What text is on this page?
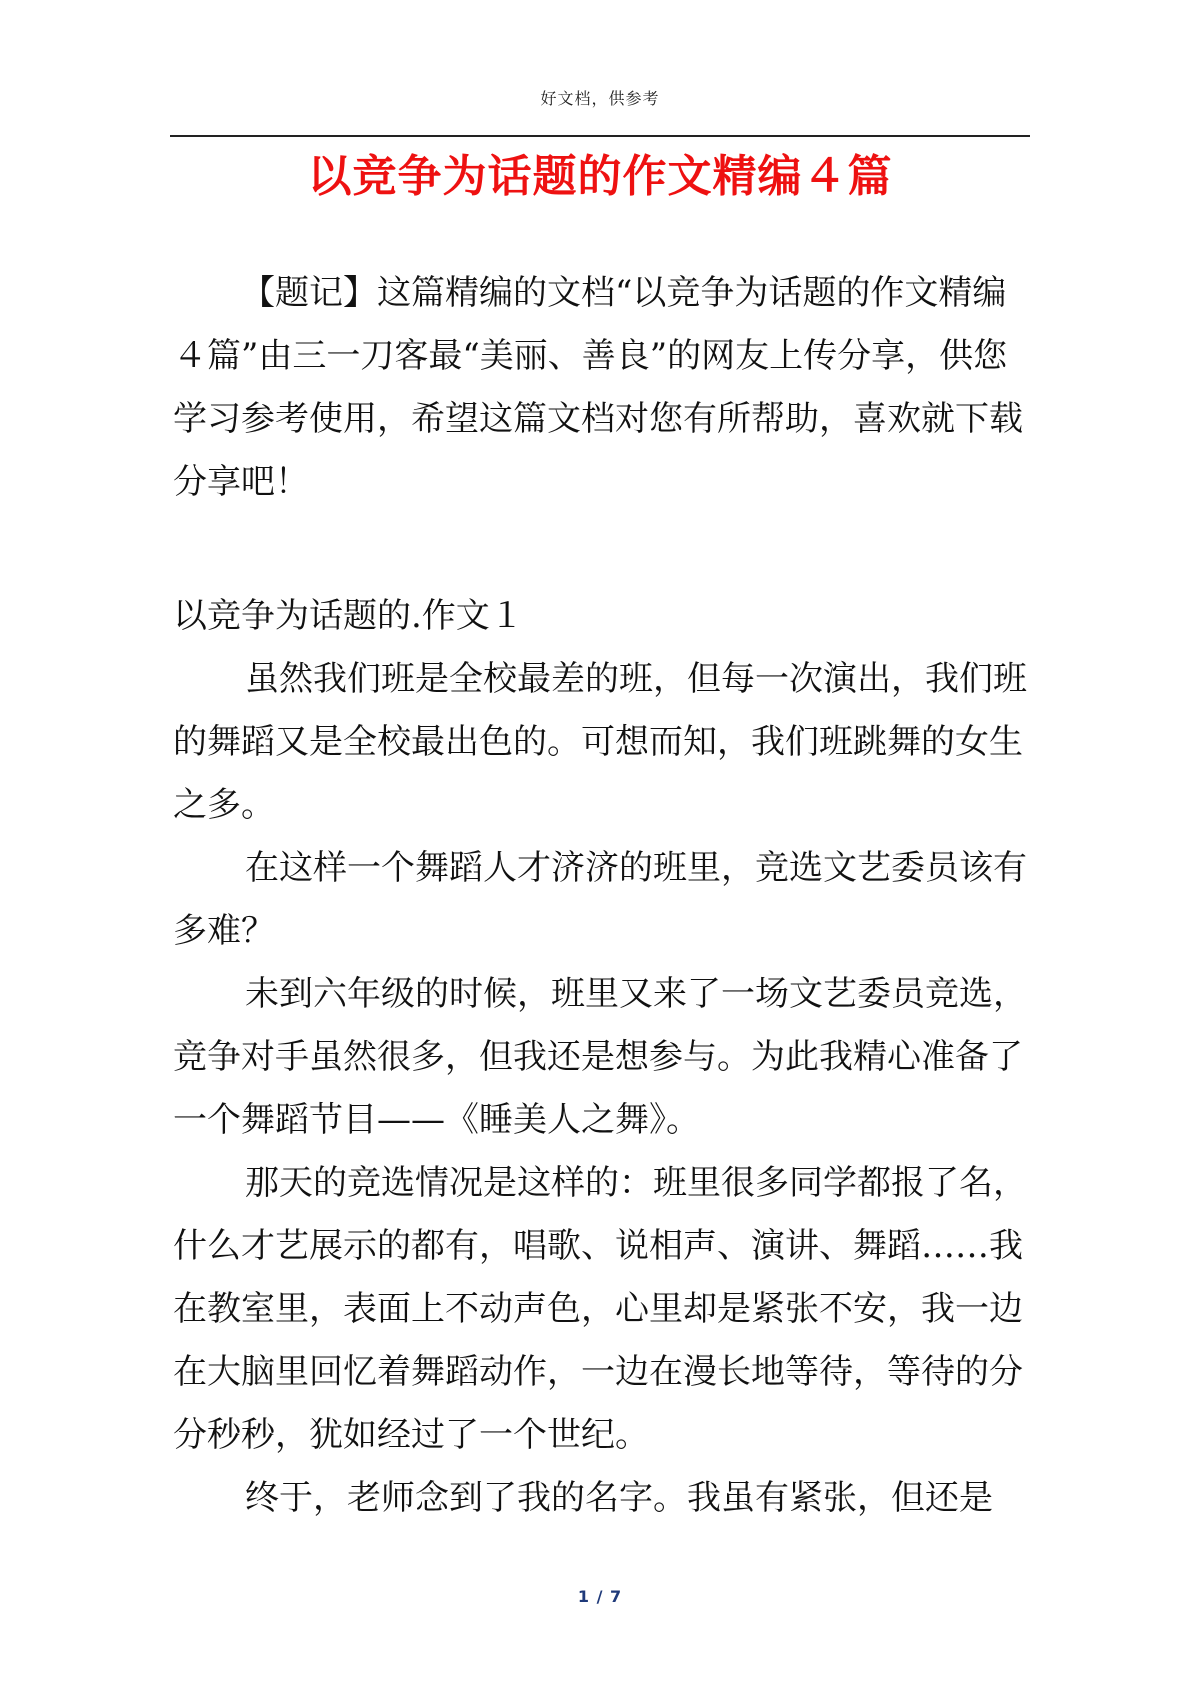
好文档，供参考
以竞争为话题的作文精编４篇

【题记】这篇精编的文档“以竞争为话题的作文精编４篇”由三一刀客最“美丽、善良”的网友上传分享，供您学习参考使用，希望这篇文档对您有所帮助，喜欢就下载分享吧！

以竞争为话题的.作文１

虽然我们班是全校最差的班，但每一次演出，我们班的舞蹈又是全校最出色的。可想而知，我们班跳舞的女生之多。

在这样一个舞蹈人才济济的班里，竞选文艺委员该有多难？

未到六年级的时候，班里又来了一场文艺委员竞选，竞争对手虽然很多，但我还是想参与。为此我精心准备了一个舞蹈节目——《睡美人之舞》。

那天的竞选情况是这样的：班里很多同学都报了名，什么才艺展示的都有，唱歌、说相声、演讲、舞蹈……我在教室里，表面上不动声色，心里却是紧张不安，我一边在大脑里回忆着舞蹈动作，一边在漫长地等待，等待的分分秒秒，犹如经过了一个世纪。

终于，老师念到了我的名字。我虽有紧张，但还是

1 / 7
